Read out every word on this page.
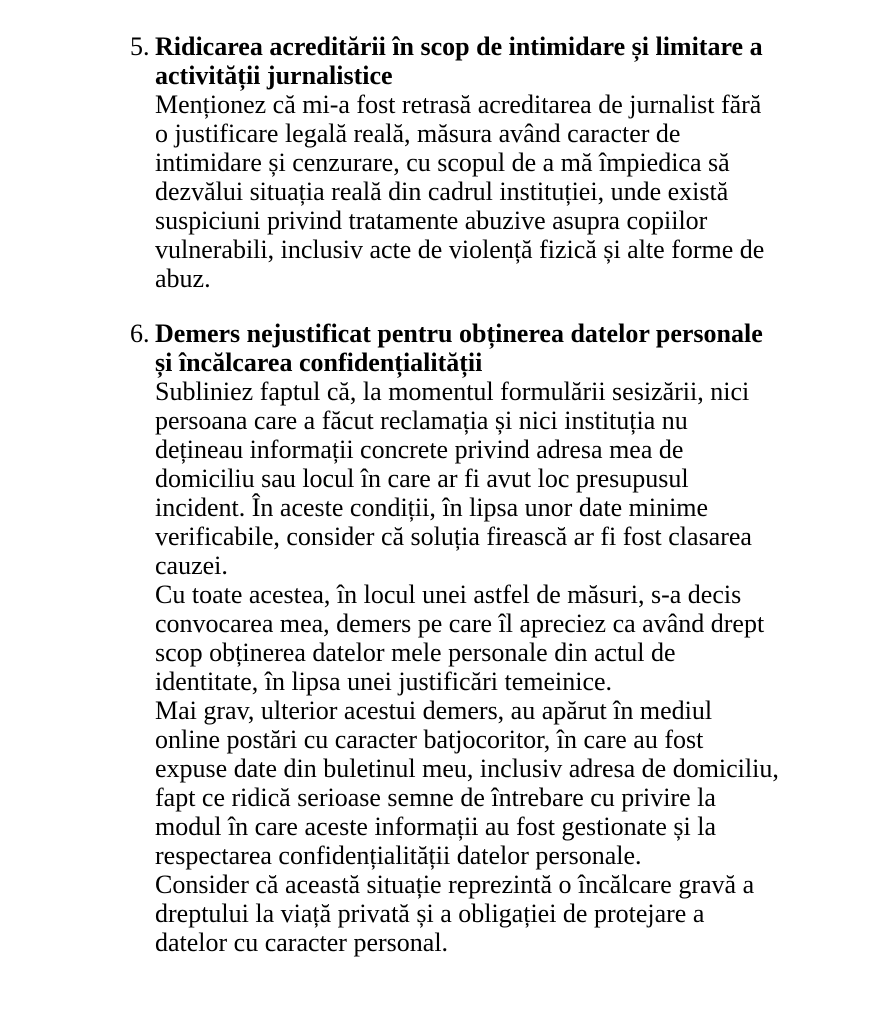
5. Ridicarea acreditării în scop de intimidare și limitare a
activității jurnalistice
Menționez că mi-a fost retrasă acreditarea de jurnalist fără
o justificare legală reală, măsura având caracter de
intimidare și cenzurare, cu scopul de a mă împiedica să
dezvălui situația reală din cadrul instituției, unde există
suspiciuni privind tratamente abuzive asupra copiilor
vulnerabili, inclusiv acte de violență fizică și alte forme de
abuz.
6. Demers nejustificat pentru obținerea datelor personale
și încălcarea confidențialității
Subliniez faptul că, la momentul formulării sesizării, nici
persoana care a făcut reclamația și nici instituția nu
dețineau informații concrete privind adresa mea de
domiciliu sau locul în care ar fi avut loc presupusul
incident. În aceste condiții, în lipsa unor date minime
verificabile, consider că soluția firească ar fi fost clasarea
cauzei.
Cu toate acestea, în locul unei astfel de măsuri, s-a decis
convocarea mea, demers pe care îl apreciez ca având drept
scop obținerea datelor mele personale din actul de
identitate, în lipsa unei justificări temeinice.
Mai grav, ulterior acestui demers, au apărut în mediul
online postări cu caracter batjocoritor, în care au fost
expuse date din buletinul meu, inclusiv adresa de domiciliu,
fapt ce ridică serioase semne de întrebare cu privire la
modul în care aceste informații au fost gestionate și la
respectarea confidențialității datelor personale.
Consider că această situație reprezintă o încălcare gravă a
dreptului la viață privată și a obligației de protejare a
datelor cu caracter personal.
